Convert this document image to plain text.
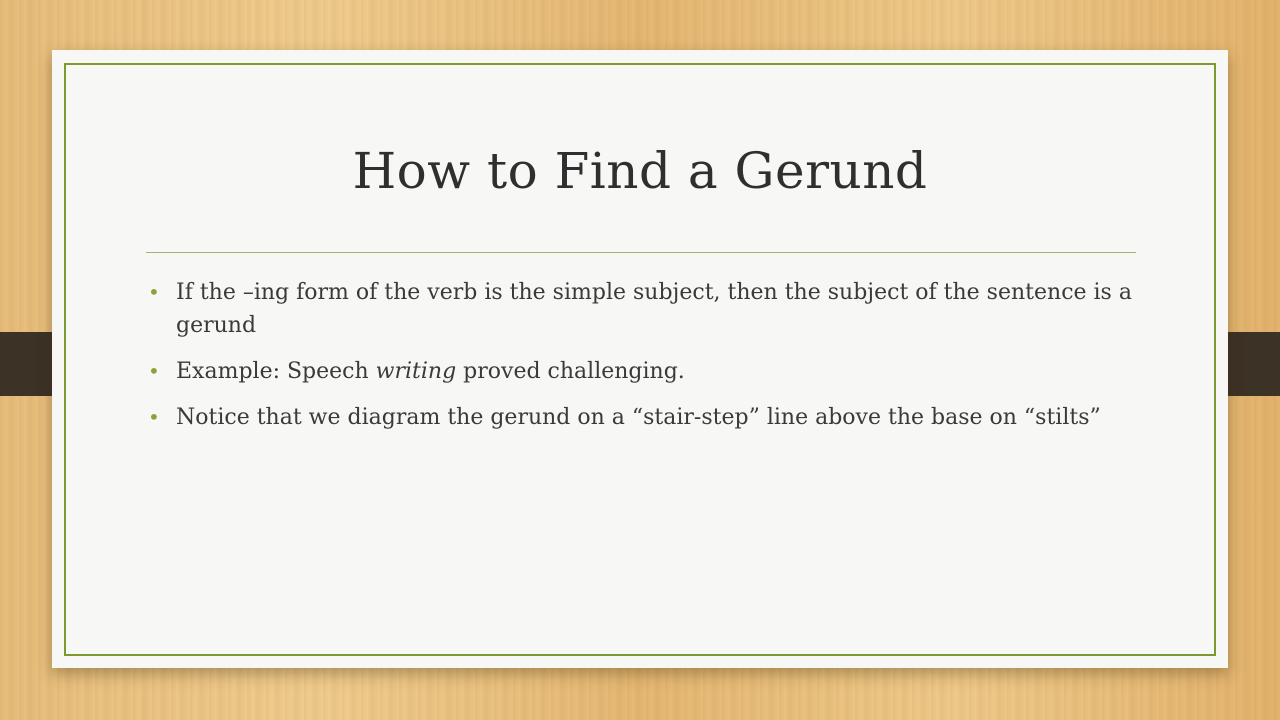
How to Find a Gerund
• If the –ing form of the verb is the simple subject, then the subject of the sentence is a gerund
• Example: Speech writing proved challenging.
• Notice that we diagram the gerund on a “stair-step” line above the base on “stilts”
